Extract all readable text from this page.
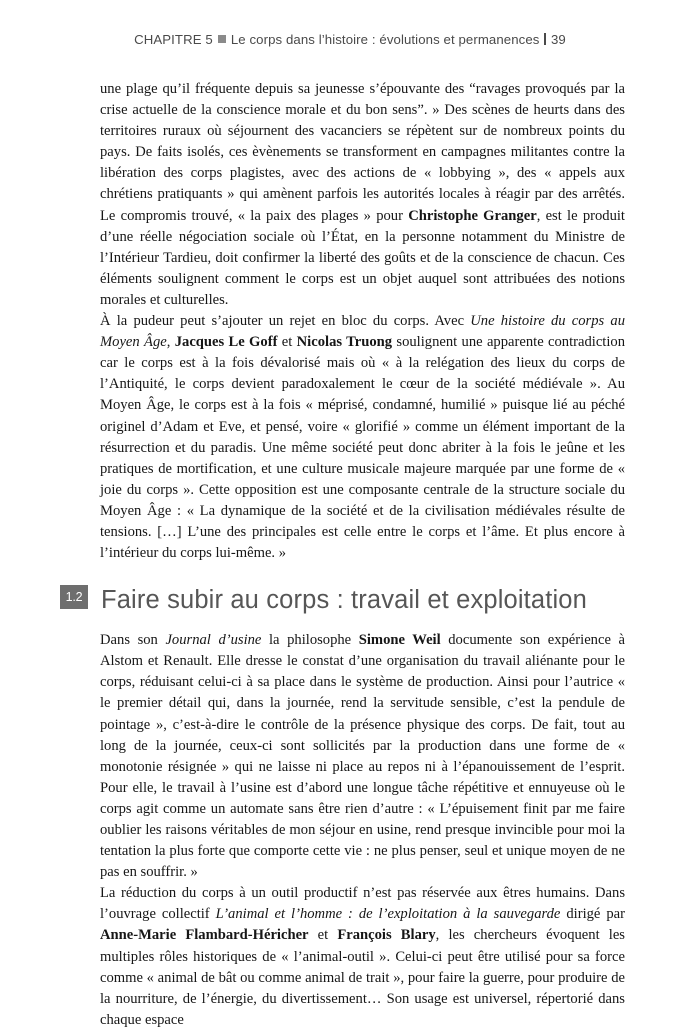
CHAPITRE 5 Le corps dans l’histoire : évolutions et permanences 39

une plage qu’il fréquente depuis sa jeunesse s’épouvante des “ravages provoqués par la crise actuelle de la conscience morale et du bon sens”. » Des scènes de heurts dans des territoires ruraux où séjournent des vacanciers se répètent sur de nombreux points du pays. De faits isolés, ces èvènements se transforment en campagnes militantes contre la libération des corps plagistes, avec des actions de « lobbying », des « appels aux chrétiens pratiquants » qui amènent parfois les autorités locales à réagir par des arrêtés. Le compromis trouvé, « la paix des plages » pour Christophe Granger, est le produit d’une réelle négociation sociale où l’État, en la personne notamment du Ministre de l’Intérieur Tardieu, doit confirmer la liberté des goûts et de la conscience de chacun. Ces éléments soulignent comment le corps est un objet auquel sont attribuées des notions morales et culturelles.

À la pudeur peut s’ajouter un rejet en bloc du corps. Avec Une histoire du corps au Moyen Âge, Jacques Le Goff et Nicolas Truong soulignent une apparente contradiction car le corps est à la fois dévalorisé mais où « à la relégation des lieux du corps de l’Antiquité, le corps devient paradoxalement le cœur de la société médiévale ». Au Moyen Âge, le corps est à la fois « méprisé, condamné, humilié » puisque lié au péché originel d’Adam et Eve, et pensé, voire « glorifié » comme un élément important de la résurrection et du paradis. Une même société peut donc abriter à la fois le jeûne et les pratiques de mortification, et une culture musicale majeure marquée par une forme de « joie du corps ». Cette opposition est une composante centrale de la structure sociale du Moyen Âge : « La dynamique de la société et de la civilisation médiévales résulte de tensions. […] L’une des principales est celle entre le corps et l’âme. Et plus encore à l’intérieur du corps lui-même. »

1.2 Faire subir au corps : travail et exploitation

Dans son Journal d’usine la philosophe Simone Weil documente son expérience à Alstom et Renault. Elle dresse le constat d’une organisation du travail aliénante pour le corps, réduisant celui-ci à sa place dans le système de production. Ainsi pour l’autrice « le premier détail qui, dans la journée, rend la servitude sensible, c’est la pendule de pointage », c’est-à-dire le contrôle de la présence physique des corps. De fait, tout au long de la journée, ceux-ci sont sollicités par la production dans une forme de « monotonie résignée » qui ne laisse ni place au repos ni à l’épanouissement de l’esprit. Pour elle, le travail à l’usine est d’abord une longue tâche répétitive et ennuyeuse où le corps agit comme un automate sans être rien d’autre : « L’épuisement finit par me faire oublier les raisons véritables de mon séjour en usine, rend presque invincible pour moi la tentation la plus forte que comporte cette vie : ne plus penser, seul et unique moyen de ne pas en souffrir. »

La réduction du corps à un outil productif n’est pas réservée aux êtres humains. Dans l’ouvrage collectif L’animal et l’homme : de l’exploitation à la sauvegarde dirigé par Anne-Marie Flambard-Héricher et François Blary, les chercheurs évoquent les multiples rôles historiques de « l’animal-outil ». Celui-ci peut être utilisé pour sa force comme « animal de bât ou comme animal de trait », pour faire la guerre, pour produire de la nourriture, de l’énergie, du divertissement… Son usage est universel, répertorié dans chaque espace
